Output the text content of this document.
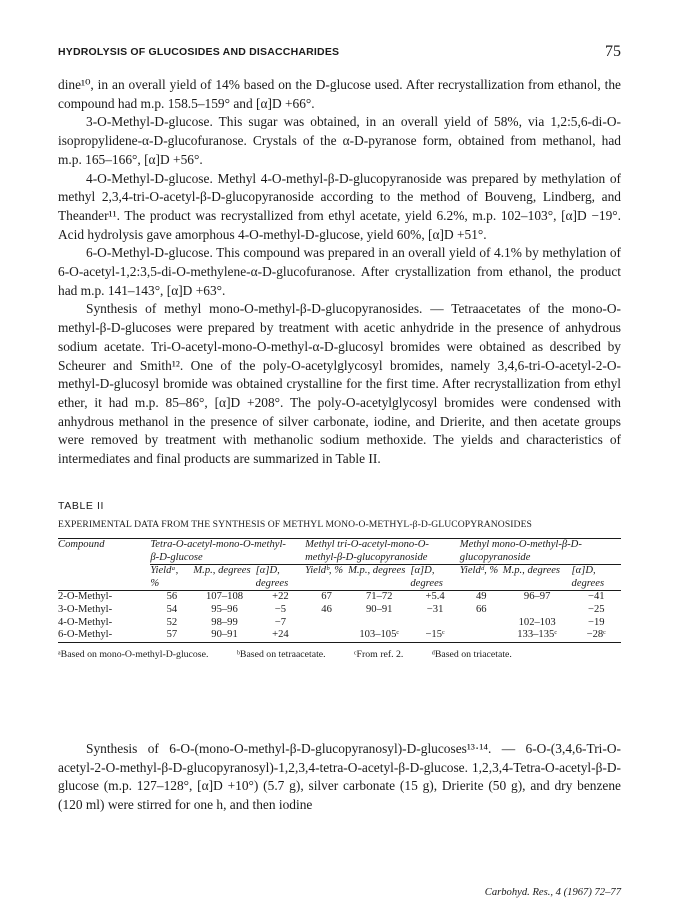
HYDROLYSIS OF GLUCOSIDES AND DISACCHARIDES	75

dine¹⁰, in an overall yield of 14% based on the D-glucose used. After recrystallization from ethanol, the compound had m.p. 158.5–159° and [α]D +66°.

3-O-Methyl-D-glucose. This sugar was obtained, in an overall yield of 58%, via 1,2:5,6-di-O-isopropylidene-α-D-glucofuranose. Crystals of the α-D-pyranose form, obtained from methanol, had m.p. 165–166°, [α]D +56°.

4-O-Methyl-D-glucose. Methyl 4-O-methyl-β-D-glucopyranoside was prepared by methylation of methyl 2,3,4-tri-O-acetyl-β-D-glucopyranoside according to the method of Bouveng, Lindberg, and Theander¹¹. The product was recrystallized from ethyl acetate, yield 6.2%, m.p. 102–103°, [α]D −19°. Acid hydrolysis gave amorphous 4-O-methyl-D-glucose, yield 60%, [α]D +51°.

6-O-Methyl-D-glucose. This compound was prepared in an overall yield of 4.1% by methylation of 6-O-acetyl-1,2:3,5-di-O-methylene-α-D-glucofuranose. After crystallization from ethanol, the product had m.p. 141–143°, [α]D +63°.

Synthesis of methyl mono-O-methyl-β-D-glucopyranosides. — Tetraacetates of the mono-O-methyl-β-D-glucoses were prepared by treatment with acetic anhydride in the presence of anhydrous sodium acetate. Tri-O-acetyl-mono-O-methyl-α-D-glucosyl bromides were obtained as described by Scheurer and Smith¹². One of the poly-O-acetylglycosyl bromides, namely 3,4,6-tri-O-acetyl-2-O-methyl-D-glucosyl bromide was obtained crystalline for the first time. After recrystallization from ethyl ether, it had m.p. 85–86°, [α]D +208°. The poly-O-acetylglycosyl bromides were condensed with anhydrous methanol in the presence of silver carbonate, iodine, and Drierite, and then acetate groups were removed by treatment with methanolic sodium methoxide. The yields and characteristics of intermediates and final products are summarized in Table II.

TABLE II
EXPERIMENTAL DATA FROM THE SYNTHESIS OF METHYL MONO-O-METHYL-β-D-GLUCOPYRANOSIDES
Compound	Tetra-O-acetyl-mono-O-methyl-β-D-glucose			Methyl tri-O-acetyl-mono-O-methyl-β-D-glucopyranoside			Methyl mono-O-methyl-β-D-glucopyranoside		
	Yieldᵃ, %	M.p., degrees	[α]D, degrees	Yieldᵇ, %	M.p., degrees	[α]D, degrees	Yieldᵈ, %	M.p., degrees	[α]D, degrees
2-O-Methyl-	56	107–108	+22	67	71–72	+5.4	49	96–97	−41
3-O-Methyl-	54	95–96	−5	46	90–91	−31	66		−25
4-O-Methyl-	52	98–99	−7					102–103	−19
6-O-Methyl-	57	90–91	+24		103–105ᶜ	−15ᶜ		133–135ᶜ	−28ᶜ
ᵃBased on mono-O-methyl-D-glucose.	ᵇBased on tetraacetate.	ᶜFrom ref. 2.	ᵈBased on triacetate.

Synthesis of 6-O-(mono-O-methyl-β-D-glucopyranosyl)-D-glucoses¹³·¹⁴. — 6-O-(3,4,6-Tri-O-acetyl-2-O-methyl-β-D-glucopyranosyl)-1,2,3,4-tetra-O-acetyl-β-D-glucose. 1,2,3,4-Tetra-O-acetyl-β-D-glucose (m.p. 127–128°, [α]D +10°) (5.7 g), silver carbonate (15 g), Drierite (50 g), and dry benzene (120 ml) were stirred for one h, and then iodine

Carbohyd. Res., 4 (1967) 72–77
